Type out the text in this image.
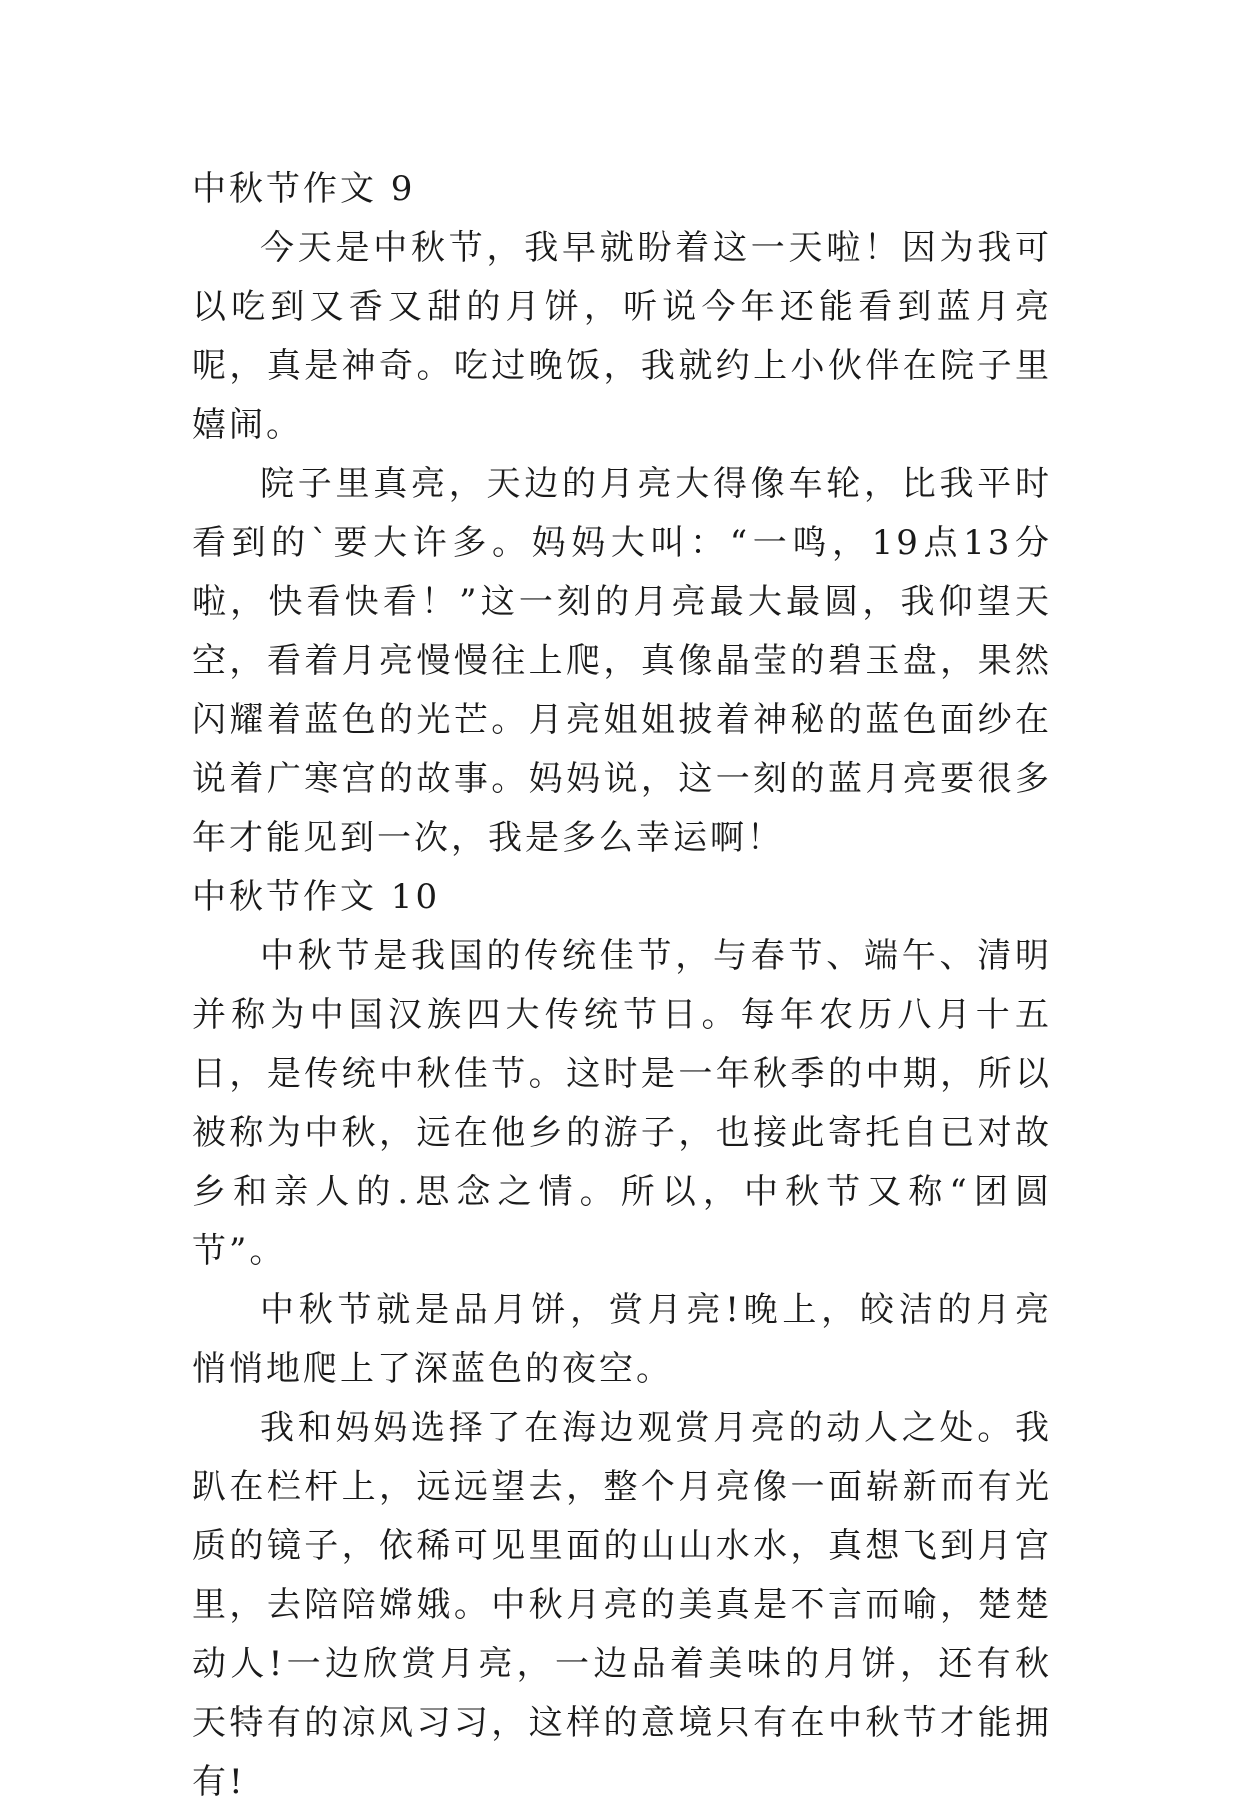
中秋节作文 9

今天是中秋节，我早就盼着这一天啦！因为我可以吃到又香又甜的月饼，听说今年还能看到蓝月亮呢，真是神奇。吃过晚饭，我就约上小伙伴在院子里嬉闹。

院子里真亮，天边的月亮大得像车轮，比我平时看到的`要大许多。妈妈大叫：“一鸣，19点13分啦，快看快看！”这一刻的月亮最大最圆，我仰望天空，看着月亮慢慢往上爬，真像晶莹的碧玉盘，果然闪耀着蓝色的光芒。月亮姐姐披着神秘的蓝色面纱在说着广寒宫的故事。妈妈说，这一刻的蓝月亮要很多年才能见到一次，我是多么幸运啊！

中秋节作文 10

中秋节是我国的传统佳节，与春节、端午、清明并称为中国汉族四大传统节日。每年农历八月十五日，是传统中秋佳节。这时是一年秋季的中期，所以被称为中秋，远在他乡的游子，也接此寄托自已对故乡和亲人的.思念之情。所以，中秋节又称“团圆节”。

中秋节就是品月饼，赏月亮!晚上，皎洁的月亮悄悄地爬上了深蓝色的夜空。

我和妈妈选择了在海边观赏月亮的动人之处。我趴在栏杆上，远远望去，整个月亮像一面崭新而有光质的镜子，依稀可见里面的山山水水，真想飞到月宫里，去陪陪嫦娥。中秋月亮的美真是不言而喻，楚楚动人!一边欣赏月亮，一边品着美味的月饼，还有秋天特有的凉风习习，这样的意境只有在中秋节才能拥有!
